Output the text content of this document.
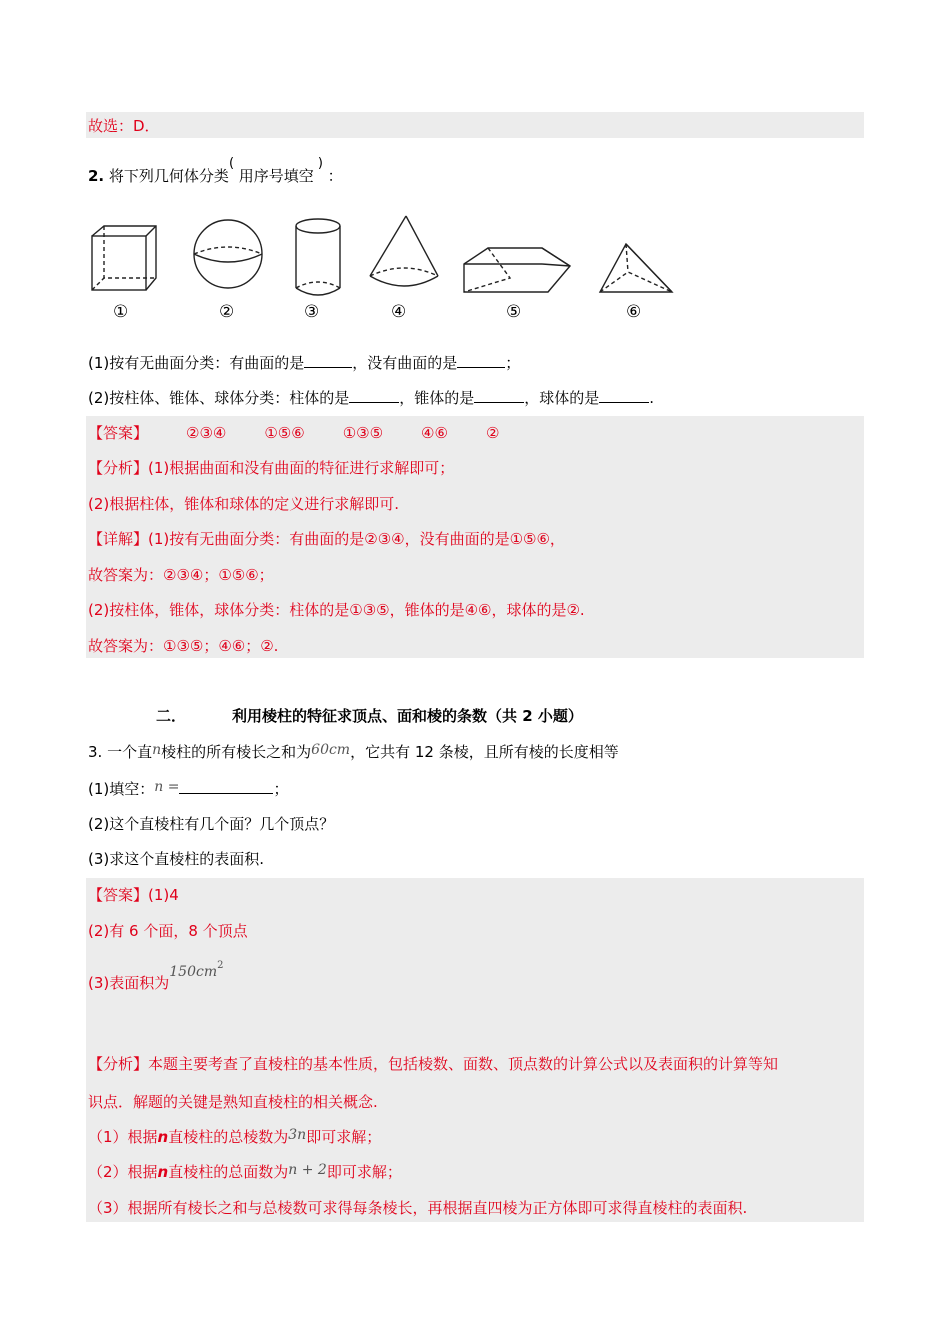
故选：D．
2. 将下列几何体分类( 用序号填空) ：
①	②	③	④	⑤	⑥
(1)按有无曲面分类：有曲面的是	，没有曲面的是	；
(2)按柱体、锥体、球体分类：柱体的是	，锥体的是	，球体的是	.
【答案】	②③④	①⑤⑥	①③⑤	④⑥	②
【分析】(1)根据曲面和没有曲面的特征进行求解即可；
(2)根据柱体，锥体和球体的定义进行求解即可.
【详解】(1)按有无曲面分类：有曲面的是②③④，没有曲面的是①⑤⑥，
故答案为：②③④；①⑤⑥；
(2)按柱体，锥体，球体分类：柱体的是①③⑤，锥体的是④⑥，球体的是②.
故答案为：①③⑤；④⑥；②.
二．	利用棱柱的特征求顶点、面和棱的条数（共 2 小题）
3. 一个直n棱柱的所有棱长之和为60cm，它共有 12 条棱，且所有棱的长度相等
(1)填空：n =	；
(2)这个直棱柱有几个面？几个顶点？
(3)求这个直棱柱的表面积.
【答案】(1)4
(2)有 6 个面，8 个顶点
(3)表面积为$150cm^2$
【分析】本题主要考查了直棱柱的基本性质，包括棱数、面数、顶点数的计算公式以及表面积的计算等知
识点．解题的关键是熟知直棱柱的相关概念.
（1）根据n直棱柱的总棱数为3n即可求解；
（2）根据n直棱柱的总面数为n + 2即可求解；
（3）根据所有棱长之和与总棱数可求得每条棱长，再根据直四棱为正方体即可求得直棱柱的表面积.
